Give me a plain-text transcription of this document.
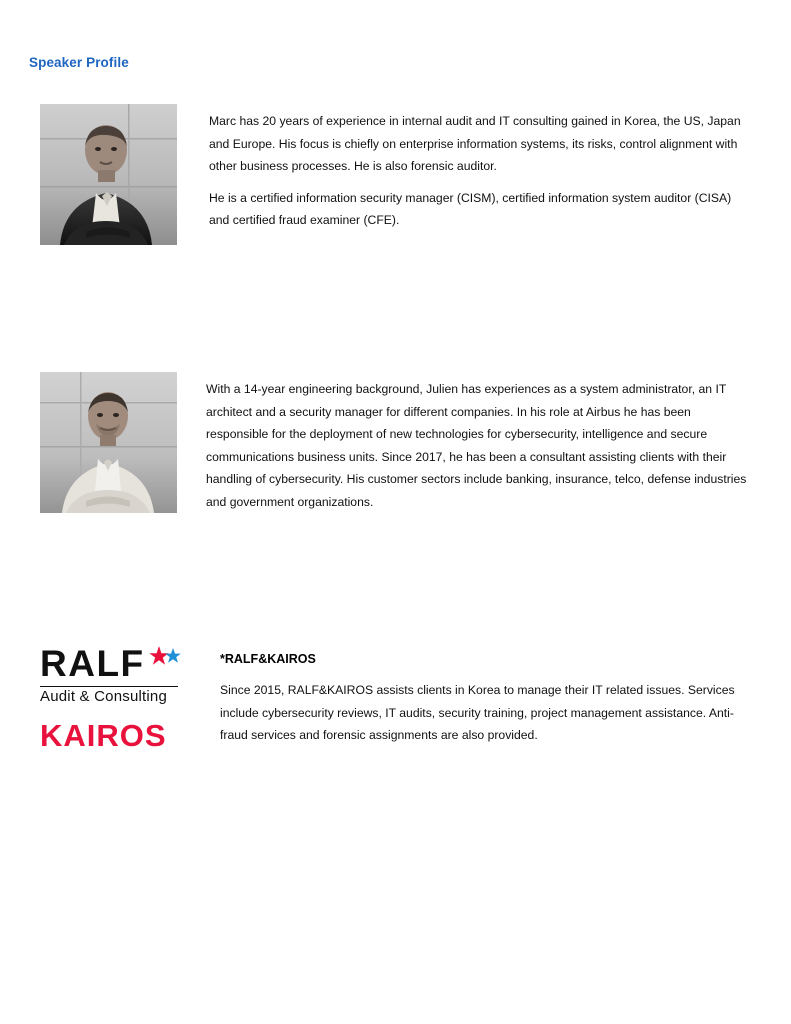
Speaker Profile

Marc has 20 years of experience in internal audit and IT consulting gained in Korea, the US, Japan and Europe. His focus is chiefly on enterprise information systems, its risks, control alignment with other business processes. He is also forensic auditor.

He is a certified information security manager (CISM), certified information system auditor (CISA) and certified fraud examiner (CFE).

With a 14-year engineering background, Julien has experiences as a system administrator, an IT architect and a security manager for different companies. In his role at Airbus he has been responsible for the deployment of new technologies for cybersecurity, intelligence and secure communications business units. Since 2017, he has been a consultant assisting clients with their handling of cybersecurity. His customer sectors include banking, insurance, telco, defense industries and government organizations.

RALF
Audit & Consulting
KAIROS
*RALF&KAIROS
Since 2015, RALF&KAIROS assists clients in Korea to manage their IT related issues. Services include cybersecurity reviews, IT audits, security training, project management assistance. Anti-fraud services and forensic assignments are also provided.
